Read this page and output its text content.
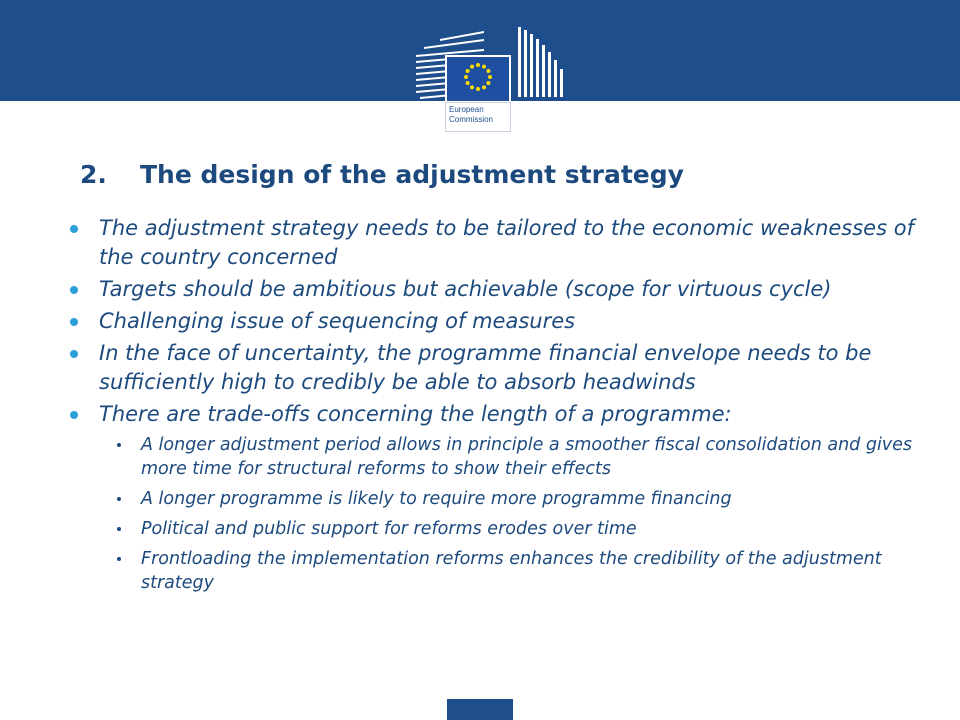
European
Commission
2. The design of the adjustment strategy
The adjustment strategy needs to be tailored to the economic weaknesses of the country concerned
Targets should be ambitious but achievable (scope for virtuous cycle)
Challenging issue of sequencing of measures
In the face of uncertainty, the programme financial envelope needs to be sufficiently high to credibly be able to absorb headwinds
There are trade-offs concerning the length of a programme:
A longer adjustment period allows in principle a smoother fiscal consolidation and gives more time for structural reforms to show their effects
A longer programme is likely to require more programme financing
Political and public support for reforms erodes over time
Frontloading the implementation reforms enhances the credibility of the adjustment strategy
